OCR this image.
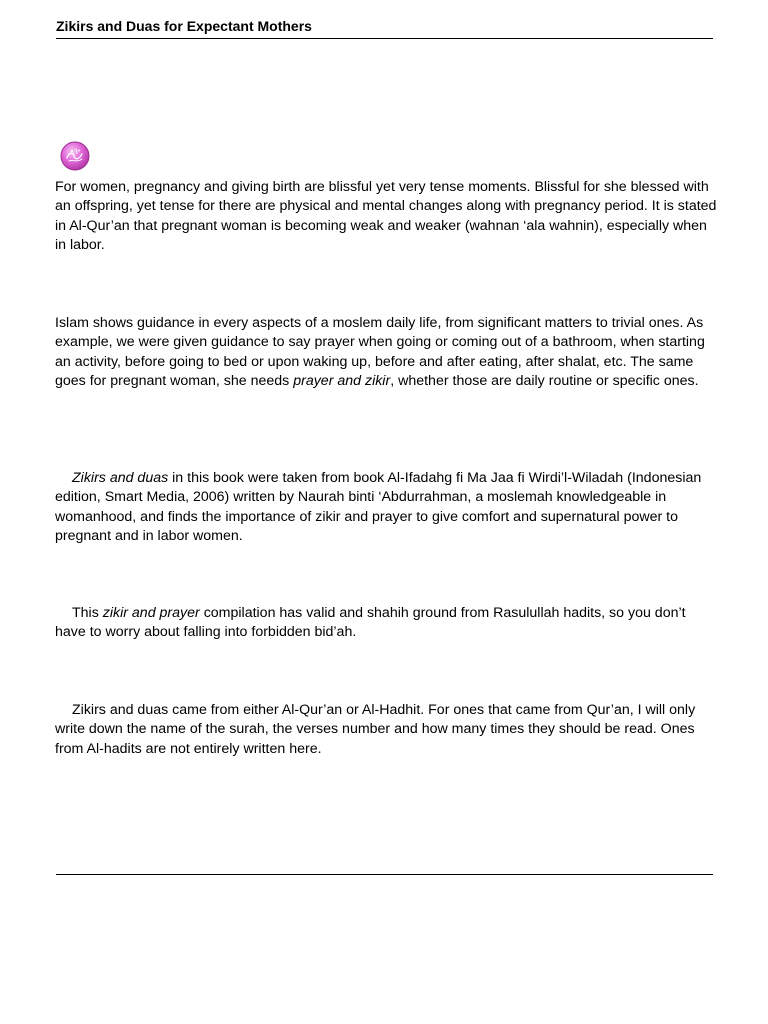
Zikirs and Duas for Expectant Mothers

For women, pregnancy and giving birth are blissful yet very tense moments. Blissful for she blessed with an offspring, yet tense for there are physical and mental changes along with pregnancy period. It is stated in Al-Qur’an that pregnant woman is becoming weak and weaker (wahnan ‘ala wahnin), especially when in labor.

Islam shows guidance in every aspects of a moslem daily life, from significant matters to trivial ones. As example, we were given guidance to say prayer when going or coming out of a bathroom, when starting an activity, before going to bed or upon waking up, before and after eating, after shalat, etc. The same goes for pregnant woman, she needs prayer and zikir, whether those are daily routine or specific ones.

Zikirs and duas in this book were taken from book Al-Ifadahg fi Ma Jaa fi Wirdi’l-Wiladah (Indonesian edition, Smart Media, 2006) written by Naurah binti ‘Abdurrahman, a moslemah knowledgeable in womanhood, and finds the importance of zikir and prayer to give comfort and supernatural power to pregnant and in labor women.

This zikir and prayer compilation has valid and shahih ground from Rasulullah hadits, so you don’t have to worry about falling into forbidden bid’ah.

Zikirs and duas came from either Al-Qur’an or Al-Hadhit. For ones that came from Qur’an, I will only write down the name of the surah, the verses number and how many times they should be read. Ones from Al-hadits are not entirely written here.
